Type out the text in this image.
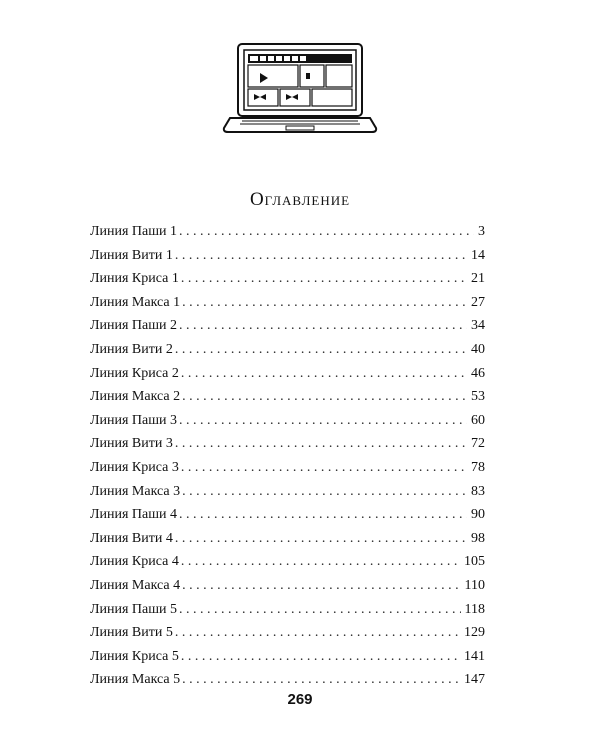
Оглавление
Линия Паши 1 . . .	3
Линия Вити 1 . . .	14
Линия Криса 1 . . .	21
Линия Макса 1 . . .	27
Линия Паши 2 . . .	34
Линия Вити 2 . . .	40
Линия Криса 2 . . .	46
Линия Макса 2 . . .	53
Линия Паши 3 . . .	60
Линия Вити 3 . . .	72
Линия Криса 3 . . .	78
Линия Макса 3 . . .	83
Линия Паши 4 . . .	90
Линия Вити 4 . . .	98
Линия Криса 4 . . .	105
Линия Макса 4 . . .	110
Линия Паши 5 . . .	118
Линия Вити 5 . . .	129
Линия Криса 5 . . .	141
Линия Макса 5 . . .	147
269
